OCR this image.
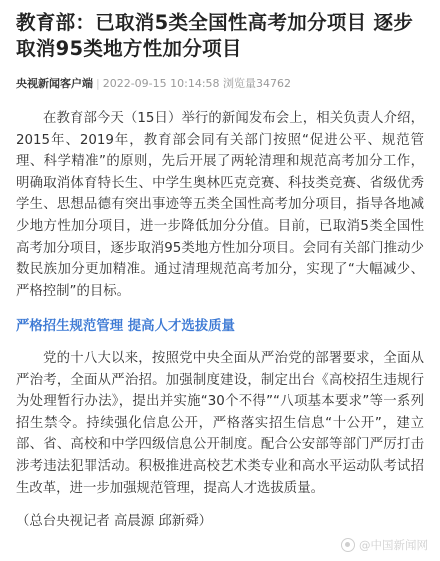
教育部：已取消5类全国性高考加分项目 逐步取消95类地方性加分项目
央视新闻客户端 | 2022-09-15 10:14:58 浏览量34762

在教育部今天（15日）举行的新闻发布会上，相关负责人介绍，2015年、2019年，教育部会同有关部门按照“促进公平、规范管理、科学精准”的原则，先后开展了两轮清理和规范高考加分工作，明确取消体育特长生、中学生奥林匹克竞赛、科技类竞赛、省级优秀学生、思想品德有突出事迹等五类全国性高考加分项目，指导各地减少地方性加分项目，进一步降低加分分值。目前，已取消5类全国性高考加分项目，逐步取消95类地方性加分项目。会同有关部门推动少数民族加分更加精准。通过清理规范高考加分，实现了“大幅减少、严格控制”的目标。

严格招生规范管理 提高人才选拔质量

党的十八大以来，按照党中央全面从严治党的部署要求，全面从严治考，全面从严治招。加强制度建设，制定出台《高校招生违规行为处理暂行办法》，提出并实施“30个不得”“八项基本要求”等一系列招生禁令。持续强化信息公开，严格落实招生信息“十公开”，建立部、省、高校和中学四级信息公开制度。配合公安部等部门严厉打击涉考违法犯罪活动。积极推进高校艺术类专业和高水平运动队考试招生改革，进一步加强规范管理，提高人才选拔质量。

（总台央视记者 高晨源 邱新舜）
@中国新闻网
